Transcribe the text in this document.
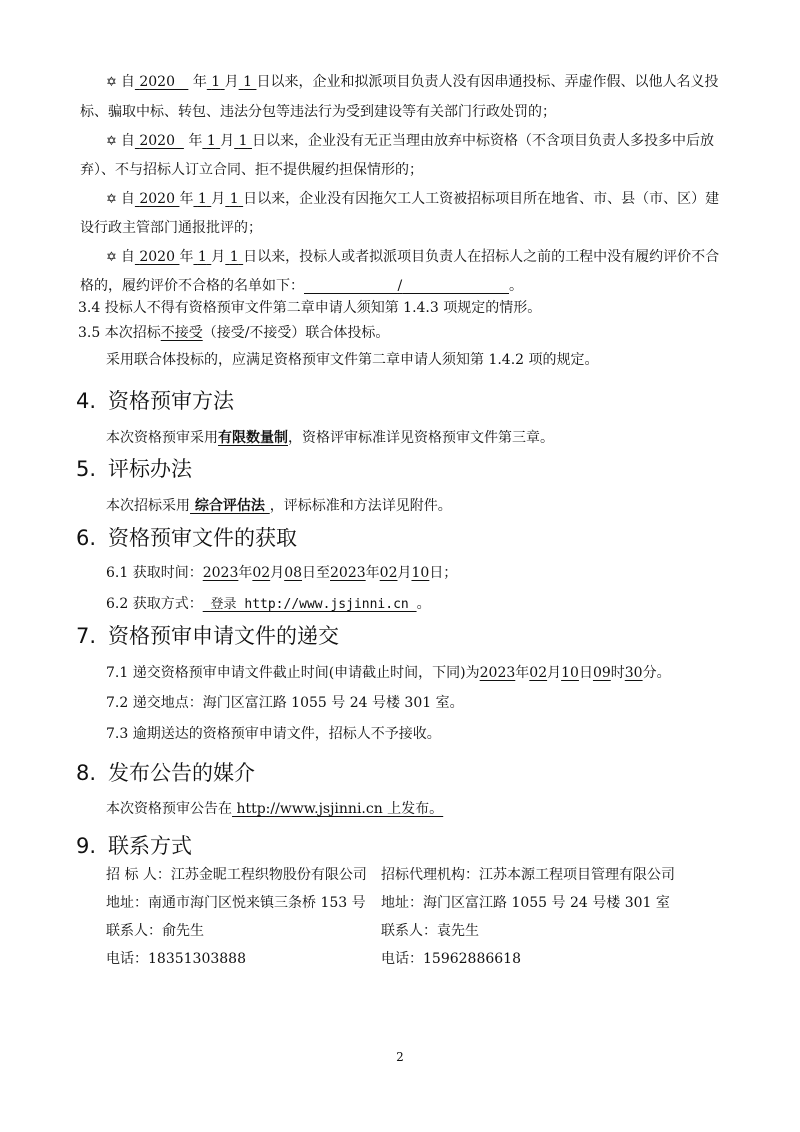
✡ 自 2020 年 1 月 1 日以来，企业和拟派项目负责人没有因串通投标、弄虚作假、以他人名义投
标、骗取中标、转包、违法分包等违法行为受到建设等有关部门行政处罚的；
✡ 自 2020 年 1 月 1 日以来，企业没有无正当理由放弃中标资格（不含项目负责人多投多中后放
弃）、不与招标人订立合同、拒不提供履约担保情形的；
✡ 自 2020 年 1 月 1 日以来，企业没有因拖欠工人工资被招标项目所在地省、市、县（市、区）建
设行政主管部门通报批评的；
✡ 自 2020 年 1 月 1 日以来，投标人或者拟派项目负责人在招标人之前的工程中没有履约评价不合
格的，履约评价不合格的名单如下：	/	。
3.4 投标人不得有资格预审文件第二章申请人须知第 1.4.3 项规定的情形。
3.5 本次招标不接受（接受/不接受）联合体投标。
采用联合体投标的，应满足资格预审文件第二章申请人须知第 1.4.2 项的规定。
4. 资格预审方法
本次资格预审采用有限数量制，资格评审标准详见资格预审文件第三章。
5. 评标办法
本次招标采用 综合评估法 ，评标标准和方法详见附件。
6. 资格预审文件的获取
6.1 获取时间：2023年02月08日至2023年02月10日；
6.2 获取方式： 登录 http://www.jsjinni.cn 。
7. 资格预审申请文件的递交
7.1 递交资格预审申请文件截止时间(申请截止时间，下同)为2023年02月10日09时30分。
7.2 递交地点：海门区富江路 1055 号 24 号楼 301 室。
7.3 逾期送达的资格预审申请文件，招标人不予接收。
8. 发布公告的媒介
本次资格预审公告在 http://www.jsjinni.cn 上发布。
9. 联系方式
招 标 人：江苏金昵工程织物股份有限公司 招标代理机构：江苏本源工程项目管理有限公司
地址：南通市海门区悦来镇三条桥 153 号 地址：海门区富江路 1055 号 24 号楼 301 室
联系人：俞先生	联系人：袁先生
电话：18351303888	电话：15962886618
2
